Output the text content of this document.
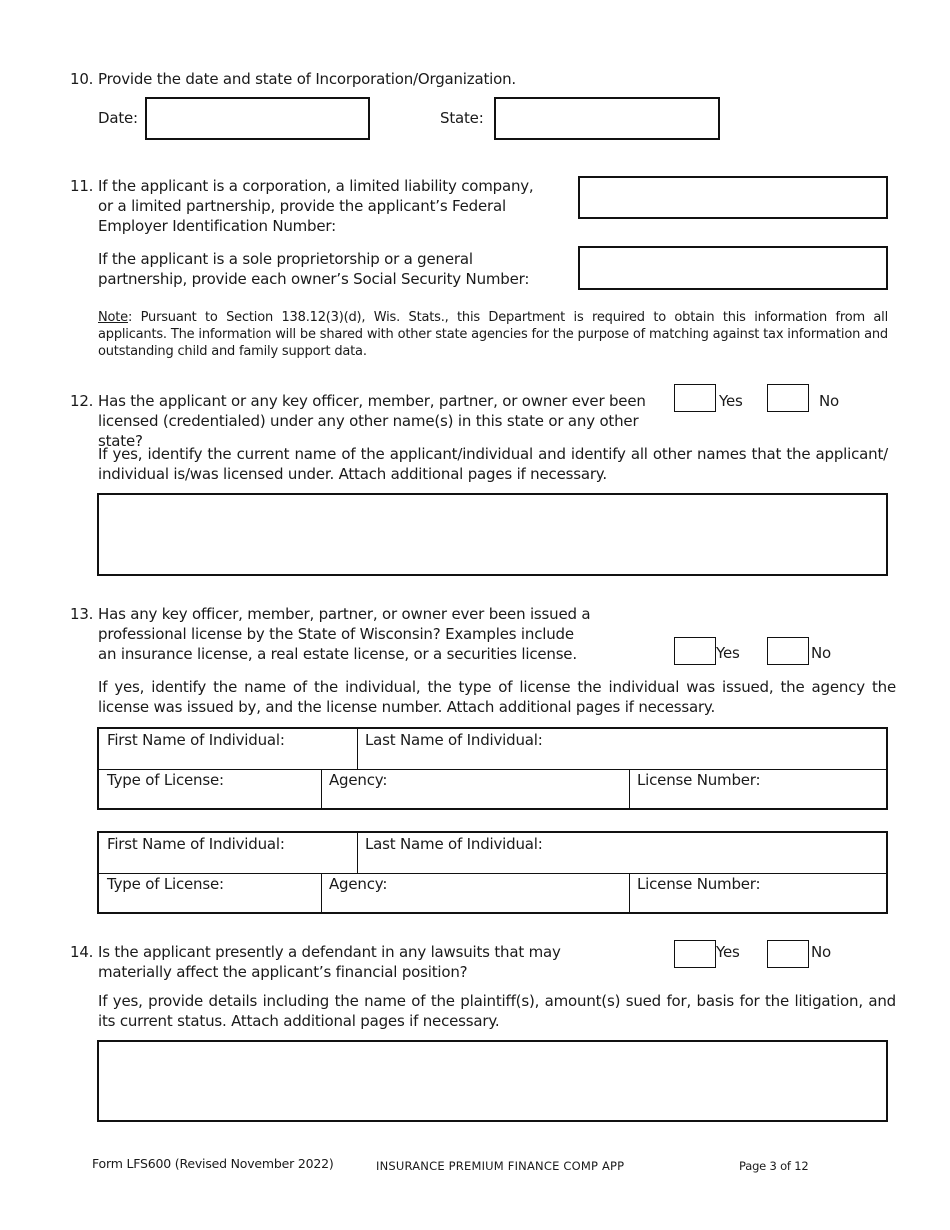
10. Provide the date and state of Incorporation/Organization.
Date:	State:
11. If the applicant is a corporation, a limited liability company, or a limited partnership, provide the applicant’s Federal Employer Identification Number:
If the applicant is a sole proprietorship or a general partnership, provide each owner’s Social Security Number:
Note: Pursuant to Section 138.12(3)(d), Wis. Stats., this Department is required to obtain this information from all applicants. The information will be shared with other state agencies for the purpose of matching against tax information and outstanding child and family support data.
12. Has the applicant or any key officer, member, partner, or owner ever been licensed (credentialed) under any other name(s) in this state or any other state?
Yes	No
If yes, identify the current name of the applicant/individual and identify all other names that the applicant/ individual is/was licensed under. Attach additional pages if necessary.
13. Has any key officer, member, partner, or owner ever been issued a professional license by the State of Wisconsin? Examples include an insurance license, a real estate license, or a securities license.	Yes	No
If yes, identify the name of the individual, the type of license the individual was issued, the agency the license was issued by, and the license number. Attach additional pages if necessary.
First Name of Individual:	Last Name of Individual:
Type of License:	Agency:	License Number:
First Name of Individual:	Last Name of Individual:
Type of License:	Agency:	License Number:
14. Is the applicant presently a defendant in any lawsuits that may materially affect the applicant’s financial position?
Yes	No
If yes, provide details including the name of the plaintiff(s), amount(s) sued for, basis for the litigation, and its current status. Attach additional pages if necessary.
Form LFS600 (Revised November 2022)	INSURANCE PREMIUM FINANCE COMP APP	Page 3 of 12
